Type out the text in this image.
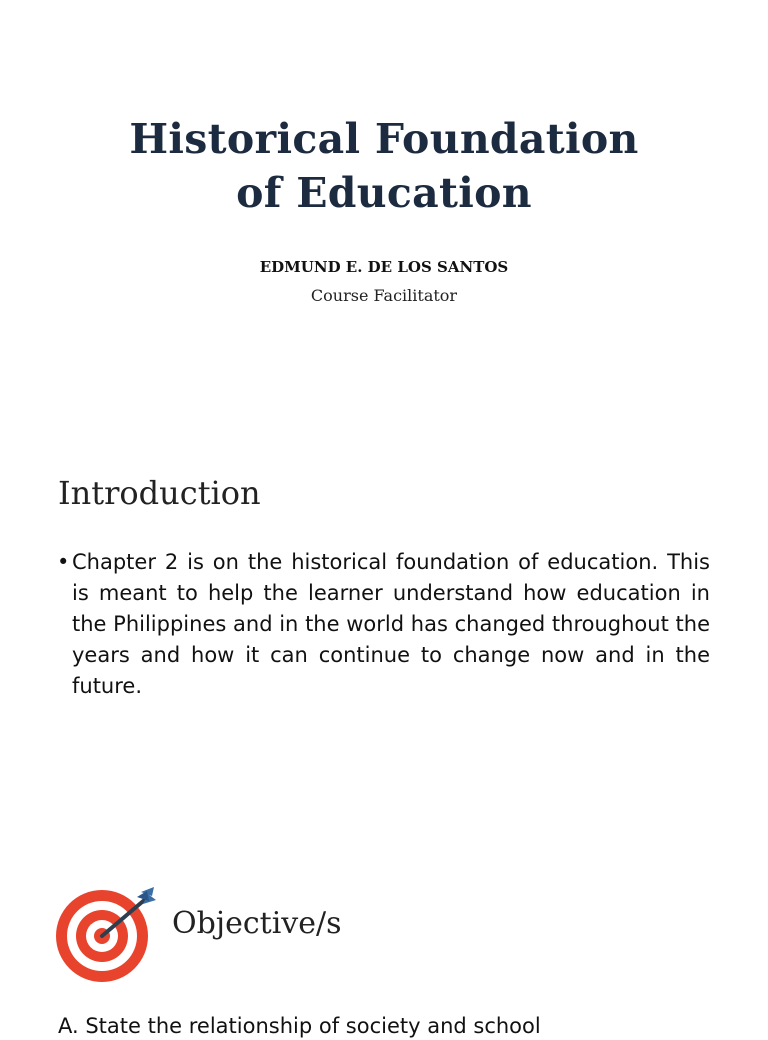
Historical Foundation
of Education
EDMUND E. DE LOS SANTOS
Course Facilitator
Introduction
• Chapter 2 is on the historical foundation of education. This is meant to help the learner understand how education in the Philippines and in the world has changed throughout the years and how it can continue to change now and in the future.
Objective/s
A. State the relationship of society and school
